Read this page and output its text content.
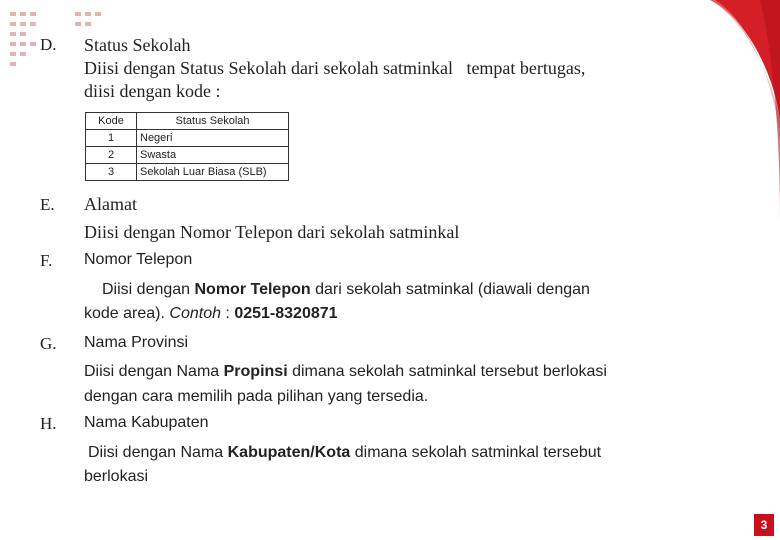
D. Status Sekolah
Diisi dengan Status Sekolah dari sekolah satminkal   tempat bertugas,
diisi dengan kode :
Kode	Status Sekolah
1	Negeri
2	Swasta
3	Sekolah Luar Biasa (SLB)
E. Alamat
Diisi dengan Nomor Telepon dari sekolah satminkal
F. Nomor Telepon
Diisi dengan Nomor Telepon dari sekolah satminkal (diawali dengan
kode area). Contoh : 0251-8320871
G. Nama Provinsi
Diisi dengan Nama Propinsi dimana sekolah satminkal tersebut berlokasi
dengan cara memilih pada pilihan yang tersedia.
H. Nama Kabupaten
Diisi dengan Nama Kabupaten/Kota dimana sekolah satminkal tersebut
berlokasi
3
